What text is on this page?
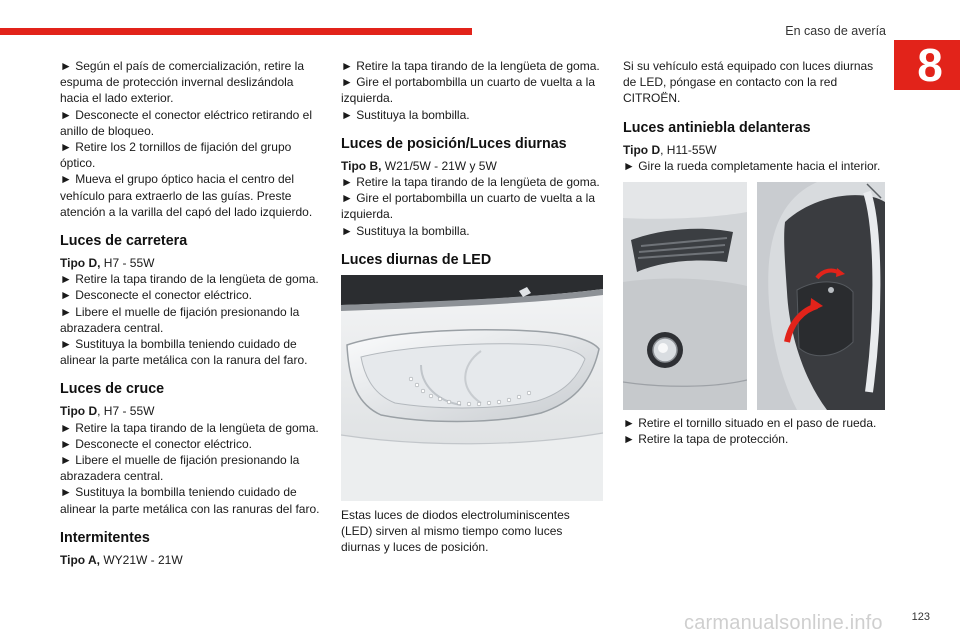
En caso de avería
8

► Según el país de comercialización, retire la espuma de protección invernal deslizándola hacia el lado exterior.

► Desconecte el conector eléctrico retirando el anillo de bloqueo.

► Retire los 2 tornillos de fijación del grupo óptico.

► Mueva el grupo óptico hacia el centro del vehículo para extraerlo de las guías. Preste atención a la varilla del capó del lado izquierdo.

Luces de carretera

Tipo D, H7 - 55W

► Retire la tapa tirando de la lengüeta de goma.

► Desconecte el conector eléctrico.

► Libere el muelle de fijación presionando la abrazadera central.

► Sustituya la bombilla teniendo cuidado de alinear la parte metálica con la ranura del faro.

Luces de cruce

Tipo D, H7 - 55W

► Retire la tapa tirando de la lengüeta de goma.

► Desconecte el conector eléctrico.

► Libere el muelle de fijación presionando la abrazadera central.

► Sustituya la bombilla teniendo cuidado de alinear la parte metálica con las ranuras del faro.

Intermitentes

Tipo A, WY21W - 21W

► Retire la tapa tirando de la lengüeta de goma.

► Gire el portabombilla un cuarto de vuelta a la izquierda.

► Sustituya la bombilla.

Luces de posición/Luces diurnas

Tipo B, W21/5W - 21W y 5W

► Retire la tapa tirando de la lengüeta de goma.

► Gire el portabombilla un cuarto de vuelta a la izquierda.

► Sustituya la bombilla.

Luces diurnas de LED

Estas luces de diodos electroluminiscentes (LED) sirven al mismo tiempo como luces diurnas y luces de posición.

Si su vehículo está equipado con luces diurnas de LED, póngase en contacto con la red CITROËN.

Luces antiniebla delanteras

Tipo D, H11-55W

► Gire la rueda completamente hacia el interior.

► Retire el tornillo situado en el paso de rueda.

► Retire la tapa de protección.

carmanualsonline.info	123
